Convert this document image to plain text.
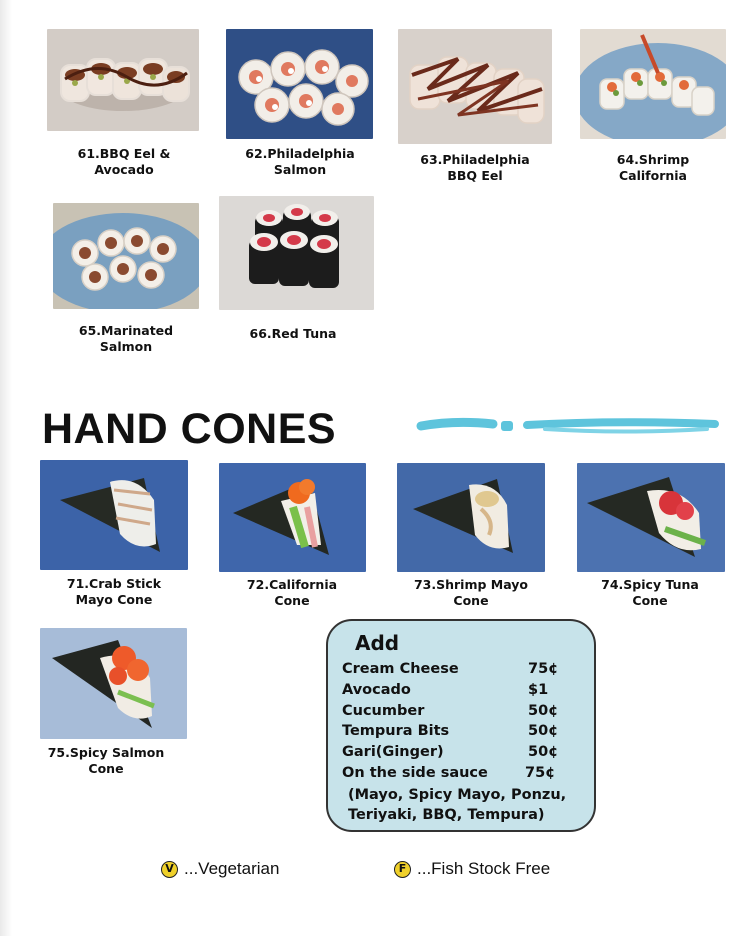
61.BBQ Eel &
Avocado
62.Philadelphia
Salmon
63.Philadelphia
BBQ Eel
64.Shrimp
California
65.Marinated
Salmon
66.Red Tuna
HAND CONES
71.Crab Stick
Mayo Cone
72.California
Cone
73.Shrimp Mayo
Cone
74.Spicy Tuna
Cone
75.Spicy Salmon
Cone
Add
Cream Cheese	75¢
Avocado	$1
Cucumber	50¢
Tempura Bits	50¢
Gari(Ginger)	50¢
On the side sauce	75¢
(Mayo, Spicy Mayo, Ponzu, Teriyaki, BBQ, Tempura)
V ...Vegetarian	F ...Fish Stock Free
